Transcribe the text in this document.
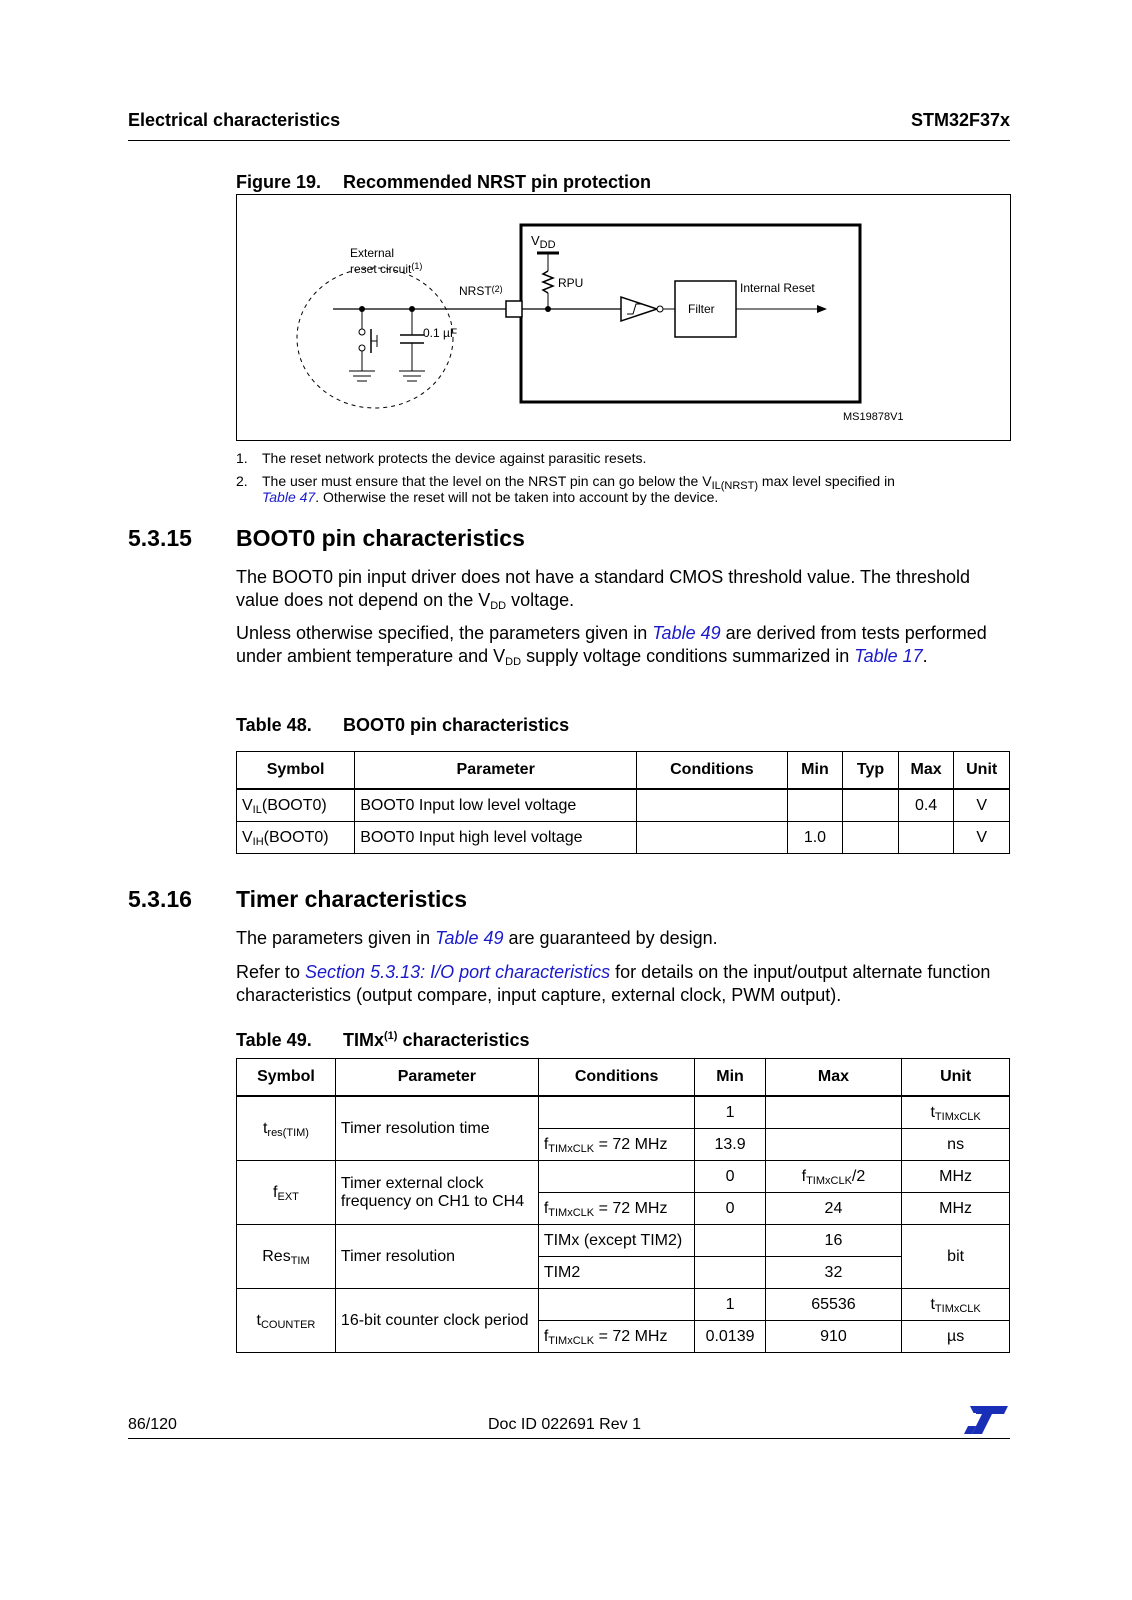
Electrical characteristics	STM32F37x
Figure 19. Recommended NRST pin protection
External
reset circuit$^{(1)}$
NRST$^{(2)}$
$V_{DD}$
RPU
0.1 µF
Filter
Internal Reset
MS19878V1
1. The reset network protects the device against parasitic resets.
2. The user must ensure that the level on the NRST pin can go below the $V_{IL(NRST)}$ max level specified in
Table 47. Otherwise the reset will not be taken into account by the device.
5.3.15 BOOT0 pin characteristics
The BOOT0 pin input driver does not have a standard CMOS threshold value. The threshold value does not depend on the $V_{DD}$ voltage.
Unless otherwise specified, the parameters given in Table 49 are derived from tests performed under ambient temperature and $V_{DD}$ supply voltage conditions summarized in Table 17.
Table 48. BOOT0 pin characteristics
Symbol	Parameter	Conditions	Min	Typ	Max	Unit
$V_{IL}(BOOT0)$	BOOT0 Input low level voltage				0.4	V
$V_{IH}(BOOT0)$	BOOT0 Input high level voltage		1.0			V
5.3.16 Timer characteristics
The parameters given in Table 49 are guaranteed by design.
Refer to Section 5.3.13: I/O port characteristics for details on the input/output alternate function characteristics (output compare, input capture, external clock, PWM output).
Table 49. TIMx$^{(1)}$ characteristics
Symbol	Parameter	Conditions	Min	Max	Unit
$t_{res(TIM)}$	Timer resolution time		1		$t_{TIMxCLK}$
		$f_{TIMxCLK} = 72$ MHz	13.9		ns
$f_{EXT}$	Timer external clock frequency on CH1 to CH4		0	$f_{TIMxCLK}/2$	MHz
		$f_{TIMxCLK} = 72$ MHz	0	24	MHz
Res$_{TIM}$	Timer resolution	TIMx (except TIM2)		16	bit
		TIM2		32	
$t_{COUNTER}$	16-bit counter clock period		1	65536	$t_{TIMxCLK}$
		$f_{TIMxCLK} = 72$ MHz	0.0139	910	µs
86/120	Doc ID 022691 Rev 1
